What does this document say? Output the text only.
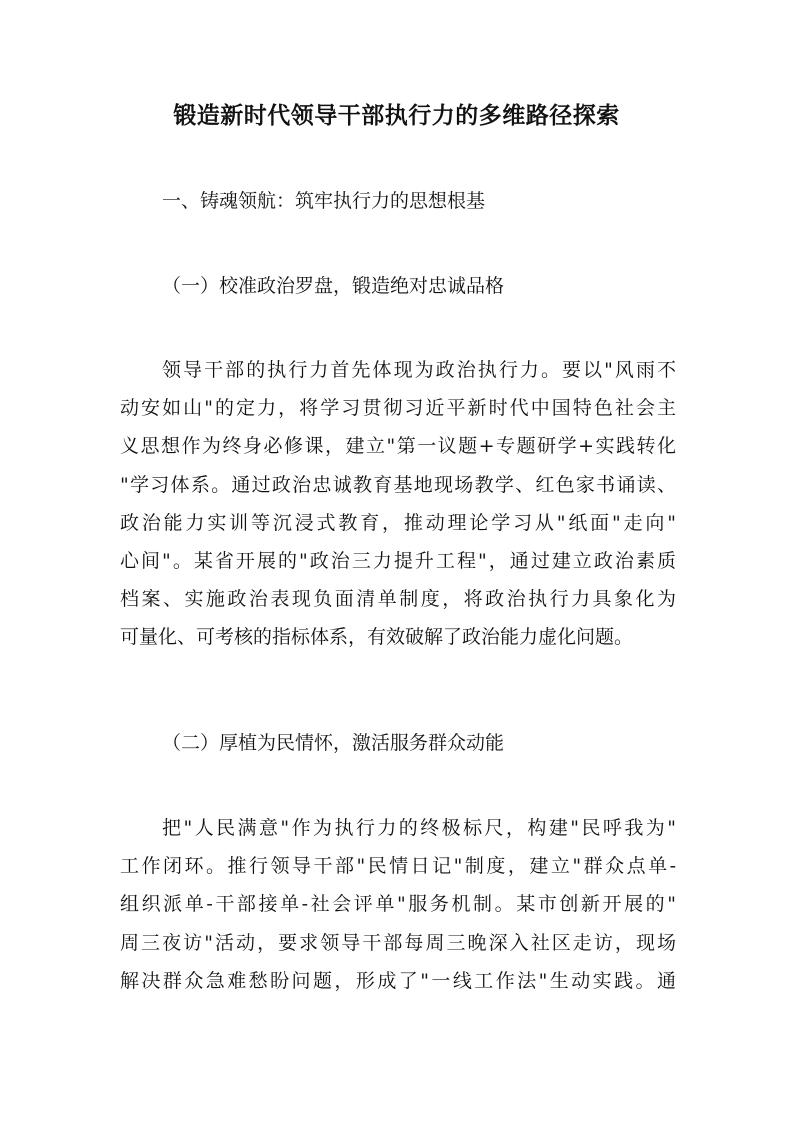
锻造新时代领导干部执行力的多维路径探索
一、铸魂领航：筑牢执行力的思想根基
（一）校准政治罗盘，锻造绝对忠诚品格
领导干部的执行力首先体现为政治执行力。要以"风雨不
动安如山"的定力，将学习贯彻习近平新时代中国特色社会主
义思想作为终身必修课，建立"第一议题+专题研学+实践转化
"学习体系。通过政治忠诚教育基地现场教学、红色家书诵读、
政治能力实训等沉浸式教育，推动理论学习从"纸面"走向"
心间"。某省开展的"政治三力提升工程"，通过建立政治素质
档案、实施政治表现负面清单制度，将政治执行力具象化为
可量化、可考核的指标体系，有效破解了政治能力虚化问题。
（二）厚植为民情怀，激活服务群众动能
把"人民满意"作为执行力的终极标尺，构建"民呼我为"
工作闭环。推行领导干部"民情日记"制度，建立"群众点单-
组织派单-干部接单-社会评单"服务机制。某市创新开展的"
周三夜访"活动，要求领导干部每周三晚深入社区走访，现场
解决群众急难愁盼问题，形成了"一线工作法"生动实践。通
